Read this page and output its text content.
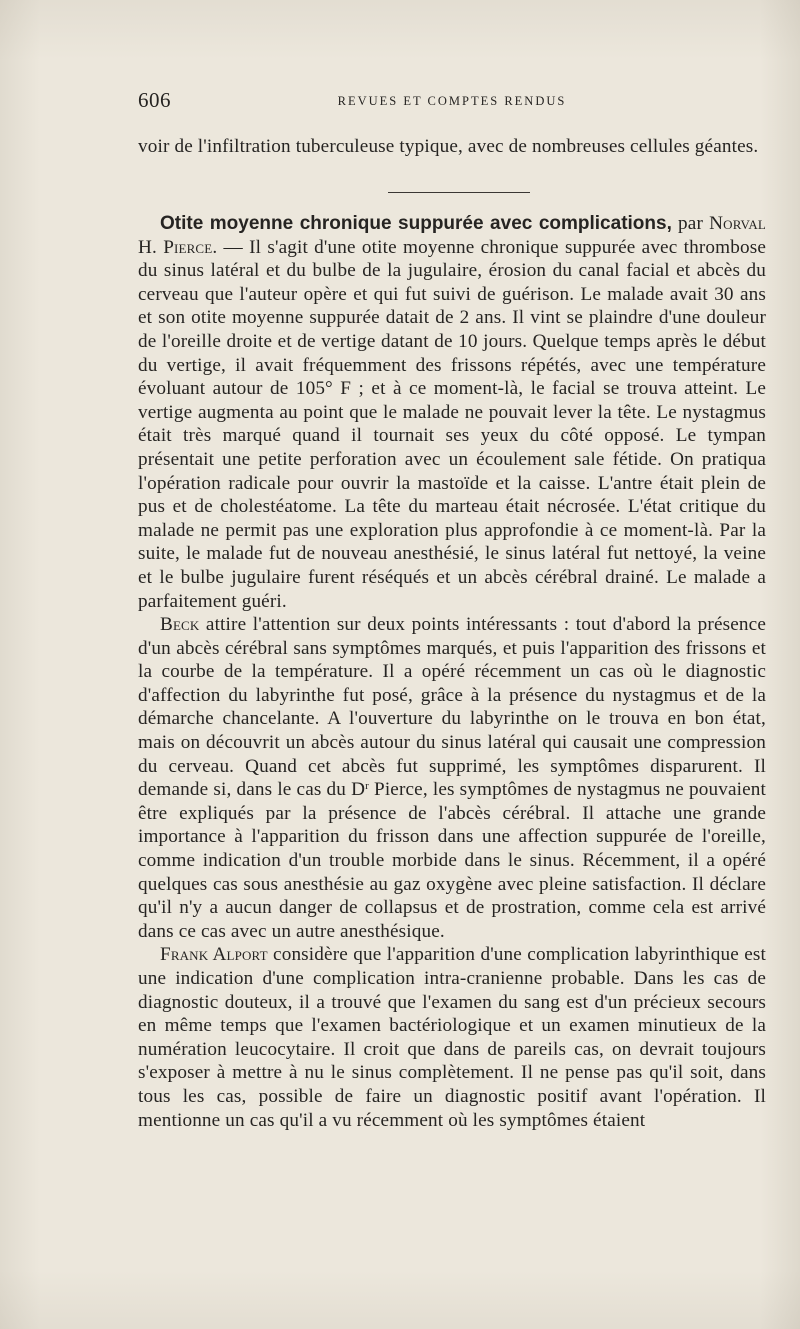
606	REVUES ET COMPTES RENDUS

voir de l'infiltration tuberculeuse typique, avec de nombreuses cellules géantes.

Otite moyenne chronique suppurée avec complications, par Norval H. Pierce. — Il s'agit d'une otite moyenne chronique suppurée avec thrombose du sinus latéral et du bulbe de la jugulaire, érosion du canal facial et abcès du cerveau que l'auteur opère et qui fut suivi de guérison. Le malade avait 30 ans et son otite moyenne suppurée datait de 2 ans. Il vint se plaindre d'une douleur de l'oreille droite et de vertige datant de 10 jours. Quelque temps après le début du vertige, il avait fréquemment des frissons répétés, avec une température évoluant autour de 105° F ; et à ce moment-là, le facial se trouva atteint. Le vertige augmenta au point que le malade ne pouvait lever la tête. Le nystagmus était très marqué quand il tournait ses yeux du côté opposé. Le tympan présentait une petite perforation avec un écoulement sale fétide. On pratiqua l'opération radicale pour ouvrir la mastoïde et la caisse. L'antre était plein de pus et de cholestéatome. La tête du marteau était nécrosée. L'état critique du malade ne permit pas une exploration plus approfondie à ce moment-là. Par la suite, le malade fut de nouveau anesthésié, le sinus latéral fut nettoyé, la veine et le bulbe jugulaire furent réséqués et un abcès cérébral drainé. Le malade a parfaitement guéri.

Beck attire l'attention sur deux points intéressants : tout d'abord la présence d'un abcès cérébral sans symptômes marqués, et puis l'apparition des frissons et la courbe de la température. Il a opéré récemment un cas où le diagnostic d'affection du labyrinthe fut posé, grâce à la présence du nystagmus et de la démarche chancelante. A l'ouverture du labyrinthe on le trouva en bon état, mais on découvrit un abcès autour du sinus latéral qui causait une compression du cerveau. Quand cet abcès fut supprimé, les symptômes disparurent. Il demande si, dans le cas du $D^r$ Pierce, les symptômes de nystagmus ne pouvaient être expliqués par la présence de l'abcès cérébral. Il attache une grande importance à l'apparition du frisson dans une affection suppurée de l'oreille, comme indication d'un trouble morbide dans le sinus. Récemment, il a opéré quelques cas sous anesthésie au gaz oxygène avec pleine satisfaction. Il déclare qu'il n'y a aucun danger de collapsus et de prostration, comme cela est arrivé dans ce cas avec un autre anesthésique.

Frank Alport considère que l'apparition d'une complication labyrinthique est une indication d'une complication intra-cranienne probable. Dans les cas de diagnostic douteux, il a trouvé que l'examen du sang est d'un précieux secours en même temps que l'examen bactériologique et un examen minutieux de la numération leucocytaire. Il croit que dans de pareils cas, on devrait toujours s'exposer à mettre à nu le sinus complètement. Il ne pense pas qu'il soit, dans tous les cas, possible de faire un diagnostic positif avant l'opération. Il mentionne un cas qu'il a vu récemment où les symptômes étaient
